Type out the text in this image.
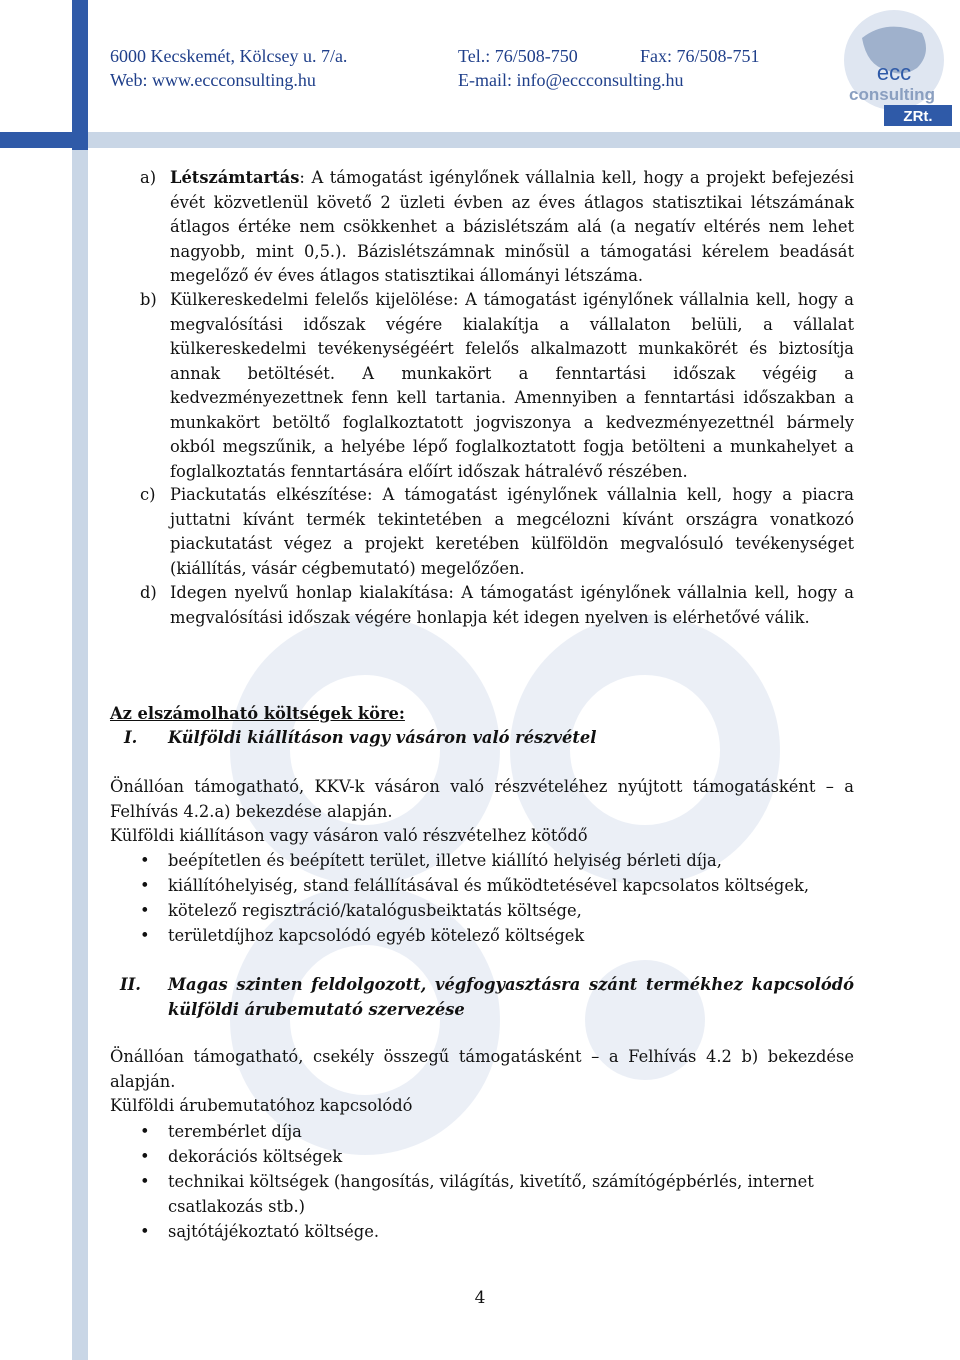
6000 Kecskemét, Kölcsey u. 7/a.	Tel.: 76/508-750	Fax: 76/508-751
Web: www.eccconsulting.hu	E-mail: info@eccconsulting.hu	ecc
consulting
ZRt.
a) Létszámtartás: A támogatást igénylőnek vállalnia kell, hogy a projekt befejezési évét közvetlenül követő 2 üzleti évben az éves átlagos statisztikai létszámának átlagos értéke nem csökkenhet a bázislétszám alá (a negatív eltérés nem lehet nagyobb, mint 0,5.). Bázislétszámnak minősül a támogatási kérelem beadását megelőző év éves átlagos statisztikai állományi létszáma.
b) Külkereskedelmi felelős kijelölése: A támogatást igénylőnek vállalnia kell, hogy a megvalósítási időszak végére kialakítja a vállalaton belüli, a vállalat külkereskedelmi tevékenységéért felelős alkalmazott munkakörét és biztosítja annak betöltését. A munkakört a fenntartási időszak végéig a kedvezményezettnek fenn kell tartania. Amennyiben a fenntartási időszakban a munkakört betöltő foglalkoztatott jogviszonya a kedvezményezettnél bármely okból megszűnik, a helyébe lépő foglalkoztatott fogja betölteni a munkahelyet a foglalkoztatás fenntartására előírt időszak hátralévő részében.
c) Piackutatás elkészítése: A támogatást igénylőnek vállalnia kell, hogy a piacra juttatni kívánt termék tekintetében a megcélozni kívánt országra vonatkozó piackutatást végez a projekt keretében külföldön megvalósuló tevékenységet (kiállítás, vásár cégbemutató) megelőzően.
d) Idegen nyelvű honlap kialakítása: A támogatást igénylőnek vállalnia kell, hogy a megvalósítási időszak végére honlapja két idegen nyelven is elérhetővé válik.
Az elszámolható költségek köre:
I. Külföldi kiállításon vagy vásáron való részvétel
Önállóan támogatható, KKV-k vásáron való részvételéhez nyújtott támogatásként – a Felhívás 4.2.a) bekezdése alapján.
Külföldi kiállításon vagy vásáron való részvételhez kötődő
• beépítetlen és beépített terület, illetve kiállító helyiség bérleti díja,
• kiállítóhelyiség, stand felállításával és működtetésével kapcsolatos költségek,
• kötelező regisztráció/katalógusbeiktatás költsége,
• területdíjhoz kapcsolódó egyéb kötelező költségek
II. Magas szinten feldolgozott, végfogyasztásra szánt termékhez kapcsolódó külföldi árubemutató szervezése
Önállóan támogatható, csekély összegű támogatásként – a Felhívás 4.2 b) bekezdése alapján.
Külföldi árubemutatóhoz kapcsolódó
• terembérlet díja
• dekorációs költségek
• technikai költségek (hangosítás, világítás, kivetítő, számítógépbérlés, internet csatlakozás stb.)
• sajtótájékoztató költsége.
4
